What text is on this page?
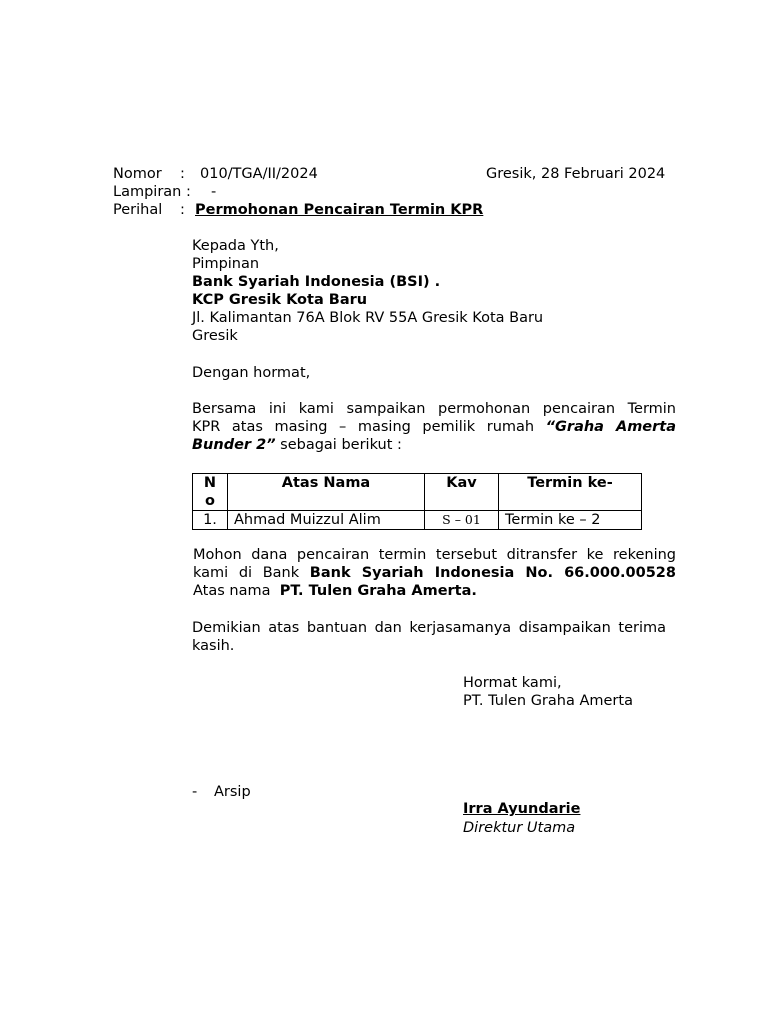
Nomor : 010/TGA/II/2024	Gresik, 28 Februari 2024
Lampiran : -
Perihal : Permohonan Pencairan Termin KPR
Kepada Yth,
Pimpinan
Bank Syariah Indonesia (BSI) .
KCP Gresik Kota Baru
Jl. Kalimantan 76A Blok RV 55A Gresik Kota Baru
Gresik
Dengan hormat,
Bersama ini kami sampaikan permohonan pencairan Termin
KPR atas masing – masing pemilik rumah “Graha Amerta
Bunder 2” sebagai berikut :
No	Atas Nama	Kav	Termin ke-
1.	Ahmad Muizzul Alim	S – 01	Termin ke – 2
Mohon dana pencairan termin tersebut ditransfer ke rekening
kami di Bank Bank Syariah Indonesia No. 66.000.00528
Atas nama PT. Tulen Graha Amerta.
Demikian atas bantuan dan kerjasamanya disampaikan terima
kasih.
Hormat kami,
PT. Tulen Graha Amerta
- Arsip
Irra Ayundarie
Direktur Utama
